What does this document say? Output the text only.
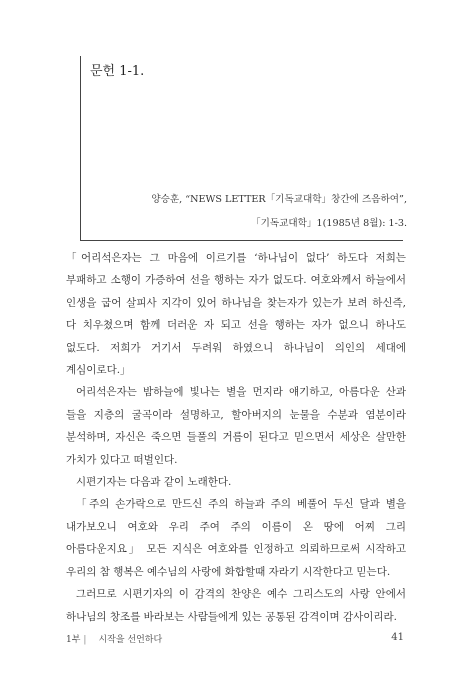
문헌 1-1.
양승훈, “NEWS LETTER「기독교대학」창간에 즈음하여”,
「기독교대학」1(1985년 8월): 1-3.

「어리석은자는 그 마음에 이르기를 ‘하나님이 없다’ 하도다 저희는 부패하고 소행이 가증하여 선을 행하는 자가 없도다. 여호와께서 하늘에서 인생을 굽어 살피사 지각이 있어 하나님을 찾는자가 있는가 보려 하신즉, 다 치우쳤으며 함께 더러운 자 되고 선을 행하는 자가 없으니 하나도 없도다. 저희가 거기서 두려워 하였으니 하나님이 의인의 세대에 계심이로다.」

어리석은자는 밤하늘에 빛나는 별을 먼지라 얘기하고, 아름다운 산과 들을 지층의 굴곡이라 설명하고, 할아버지의 눈물을 수분과 염분이라 분석하며, 자신은 죽으면 들풀의 거름이 된다고 믿으면서 세상은 살만한 가치가 있다고 떠벌인다.

시편기자는 다음과 같이 노래한다.

「주의 손가락으로 만드신 주의 하늘과 주의 베풀어 두신 달과 별을 내가보오니 여호와 우리 주여 주의 이름이 온 땅에 어찌 그리 아름다운지요」 모든 지식은 여호와를 인정하고 의뢰하므로써 시작하고 우리의 참 행복은 예수님의 사랑에 화합할때 자라기 시작한다고 믿는다.

그러므로 시편기자의 이 감격의 찬양은 예수 그리스도의 사랑 안에서 하나님의 창조를 바라보는 사람들에게 있는 공통된 감격이며 감사이리라.

1부 | 시작을 선언하다	41
